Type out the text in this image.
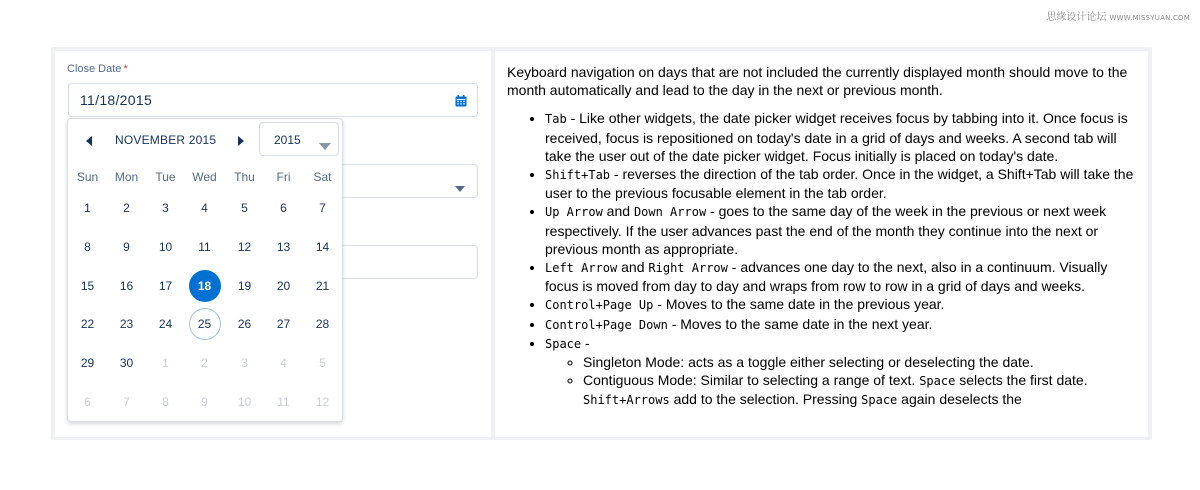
思缘设计论坛 WWW.MISSYUAN.COM
Close Date *
11/18/2015
NOVEMBER 2015	2015
Sun	Mon	Tue	Wed	Thu	Fri	Sat
1	2	3	4	5	6	7
8	9	10	11	12	13	14
15	16	17	18	19	20	21
22	23	24	25	26	27	28
29	30	1	2	3	4	5
6	7	8	9	10	11	12

Keyboard navigation on days that are not included the currently displayed month should move to the month automatically and lead to the day in the next or previous month.

• Tab - Like other widgets, the date picker widget receives focus by tabbing into it. Once focus is received, focus is repositioned on today's date in a grid of days and weeks. A second tab will take the user out of the date picker widget. Focus initially is placed on today's date.
• Shift+Tab - reverses the direction of the tab order. Once in the widget, a Shift+Tab will take the user to the previous focusable element in the tab order.
• Up Arrow and Down Arrow - goes to the same day of the week in the previous or next week respectively. If the user advances past the end of the month they continue into the next or previous month as appropriate.
• Left Arrow and Right Arrow - advances one day to the next, also in a continuum. Visually focus is moved from day to day and wraps from row to row in a grid of days and weeks.
• Control+Page Up - Moves to the same date in the previous year.
• Control+Page Down - Moves to the same date in the next year.
• Space -
◦ Singleton Mode: acts as a toggle either selecting or deselecting the date.
◦ Contiguous Mode: Similar to selecting a range of text. Space selects the first date. Shift+Arrows add to the selection. Pressing Space again deselects the
